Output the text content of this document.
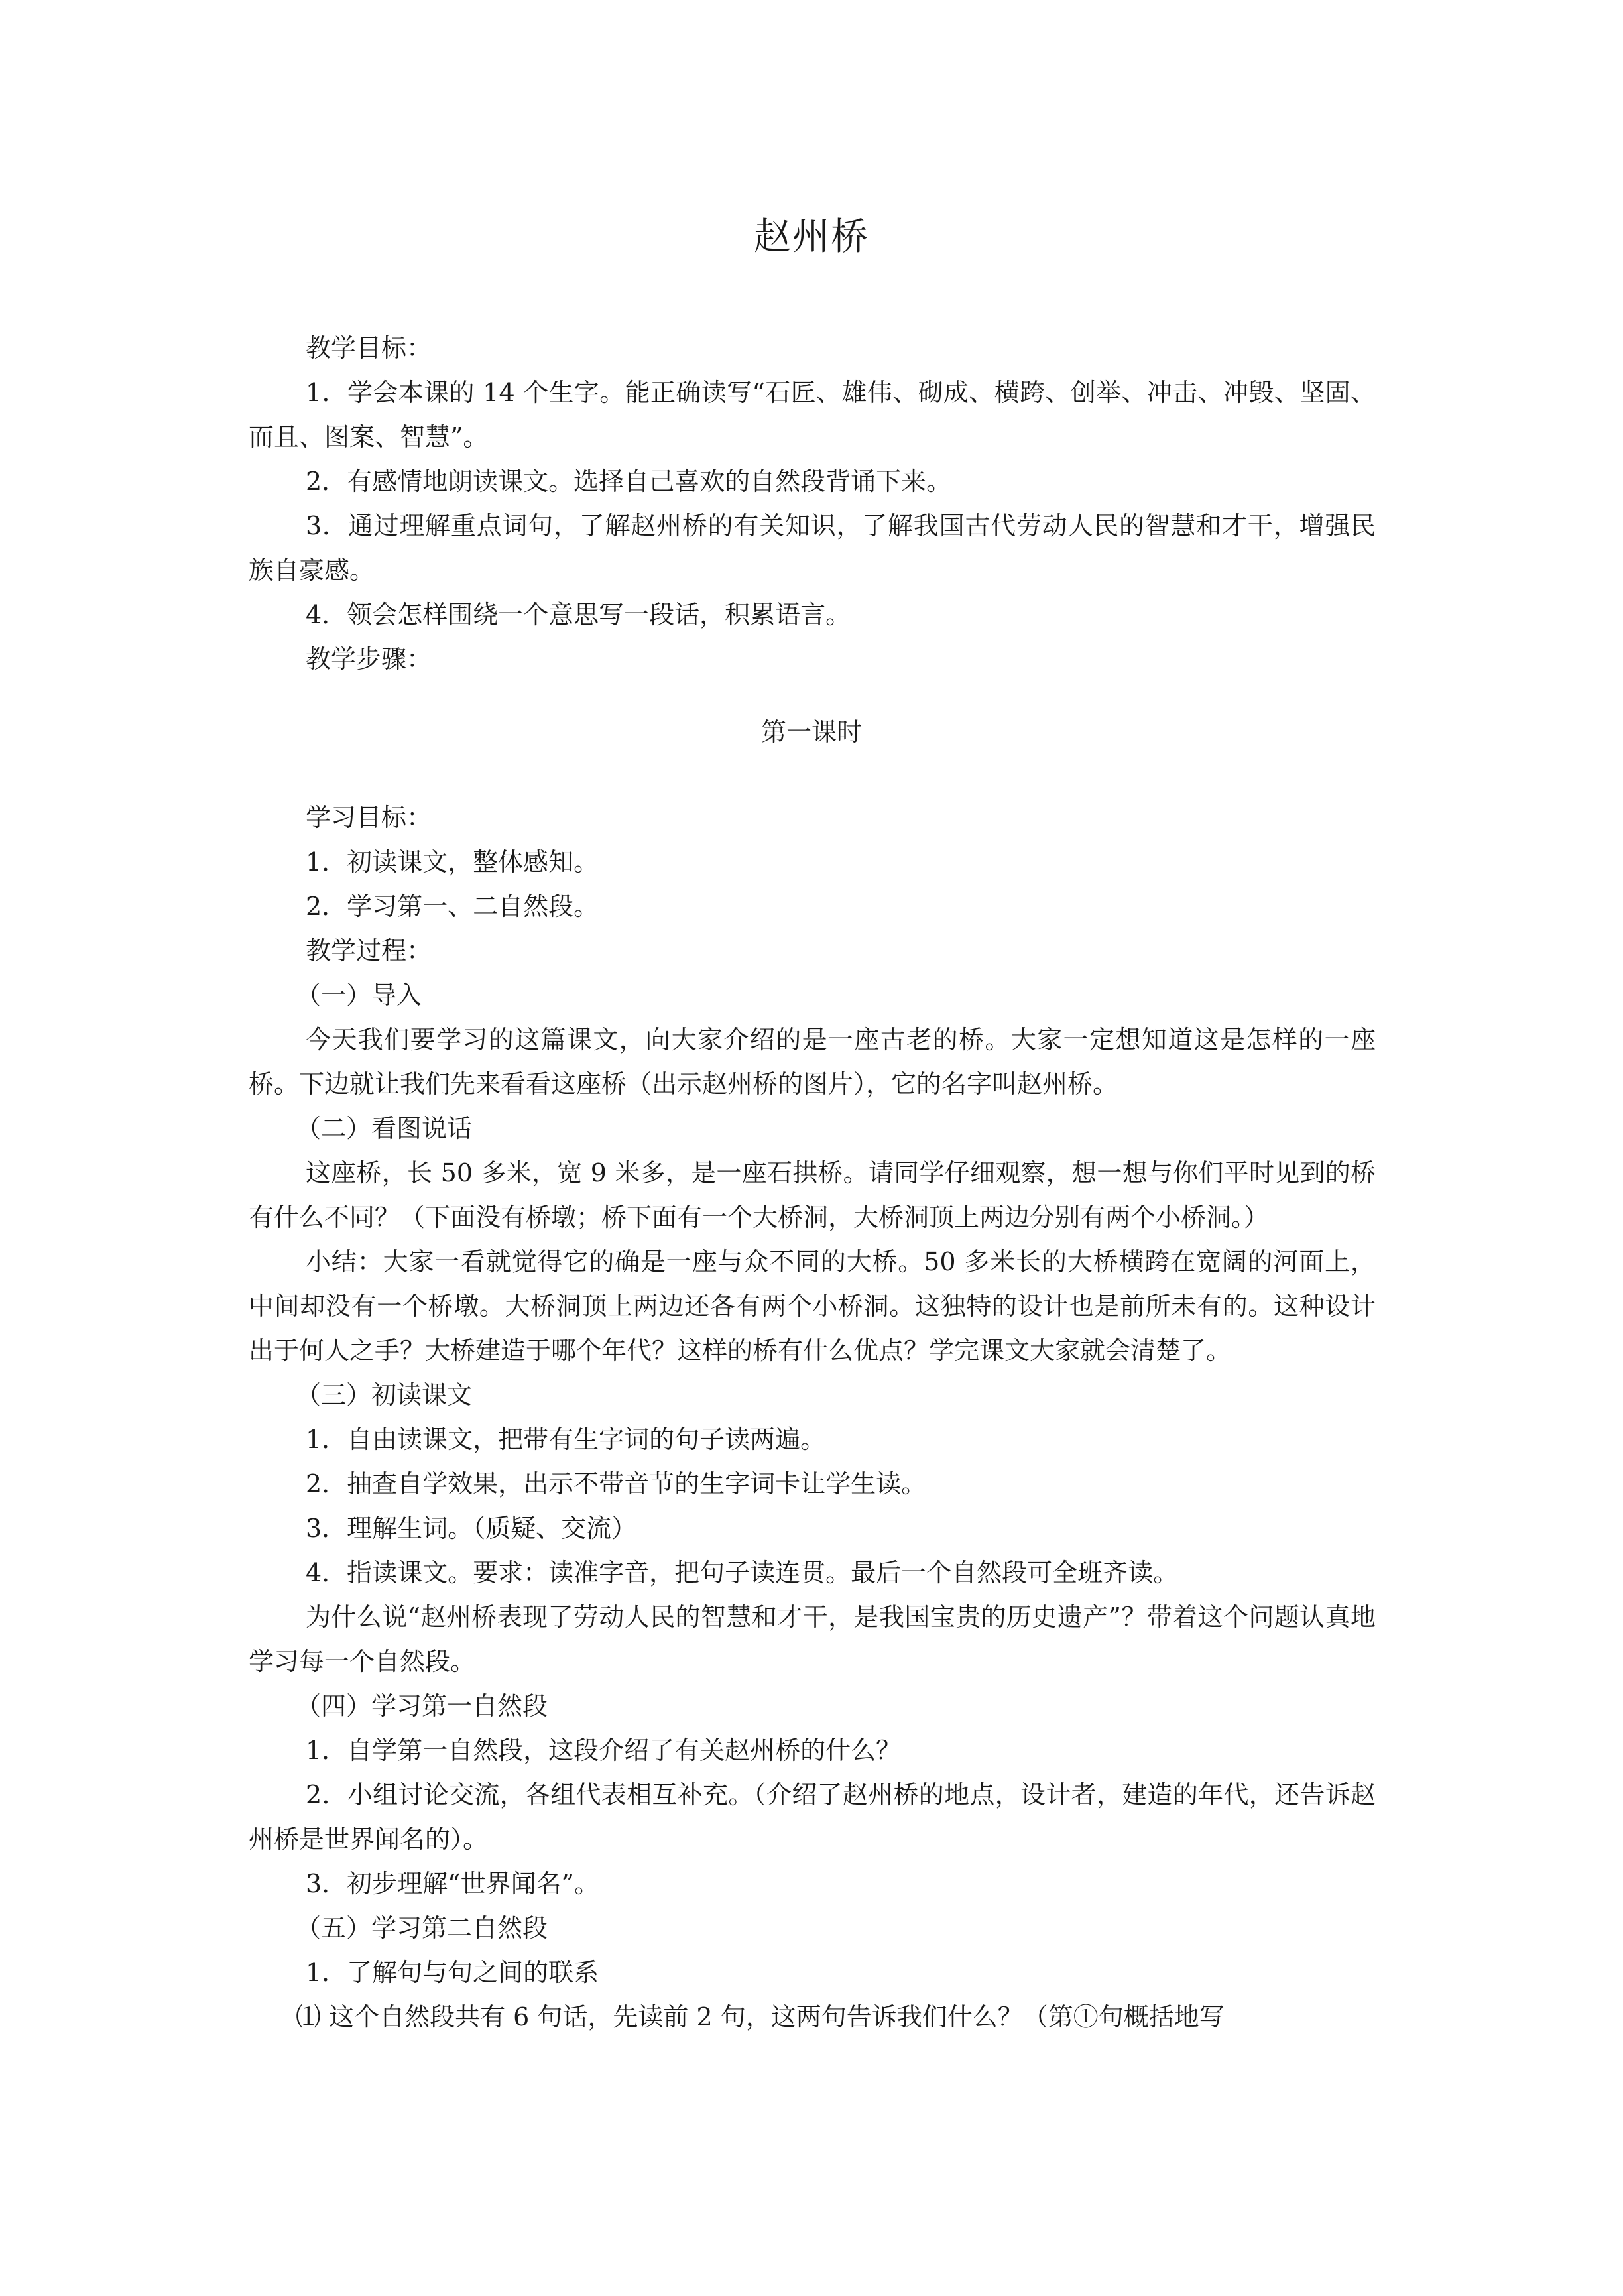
赵州桥

教学目标：

1．学会本课的 14 个生字。能正确读写“石匠、雄伟、砌成、横跨、创举、冲击、冲毁、坚固、而且、图案、智慧”。

2．有感情地朗读课文。选择自己喜欢的自然段背诵下来。

3．通过理解重点词句，了解赵州桥的有关知识，了解我国古代劳动人民的智慧和才干，增强民族自豪感。

4．领会怎样围绕一个意思写一段话，积累语言。

教学步骤：

第一课时

学习目标：

1．初读课文，整体感知。

2．学习第一、二自然段。

教学过程：

（一）导入

今天我们要学习的这篇课文，向大家介绍的是一座古老的桥。大家一定想知道这是怎样的一座桥。下边就让我们先来看看这座桥（出示赵州桥的图片），它的名字叫赵州桥。

（二）看图说话

这座桥，长 50 多米，宽 9 米多，是一座石拱桥。请同学仔细观察，想一想与你们平时见到的桥有什么不同？（下面没有桥墩；桥下面有一个大桥洞，大桥洞顶上两边分别有两个小桥洞。）

小结：大家一看就觉得它的确是一座与众不同的大桥。50 多米长的大桥横跨在宽阔的河面上，中间却没有一个桥墩。大桥洞顶上两边还各有两个小桥洞。这独特的设计也是前所未有的。这种设计出于何人之手？大桥建造于哪个年代？这样的桥有什么优点？学完课文大家就会清楚了。

（三）初读课文

1．自由读课文，把带有生字词的句子读两遍。

2．抽查自学效果，出示不带音节的生字词卡让学生读。

3．理解生词。（质疑、交流）

4．指读课文。要求：读准字音，把句子读连贯。最后一个自然段可全班齐读。

为什么说“赵州桥表现了劳动人民的智慧和才干，是我国宝贵的历史遗产”？带着这个问题认真地学习每一个自然段。

（四）学习第一自然段

1．自学第一自然段，这段介绍了有关赵州桥的什么？

2．小组讨论交流，各组代表相互补充。（介绍了赵州桥的地点，设计者，建造的年代，还告诉赵州桥是世界闻名的）。

3．初步理解“世界闻名”。

（五）学习第二自然段

1．了解句与句之间的联系

⑴ 这个自然段共有 6 句话，先读前 2 句，这两句告诉我们什么？（第①句概括地写
